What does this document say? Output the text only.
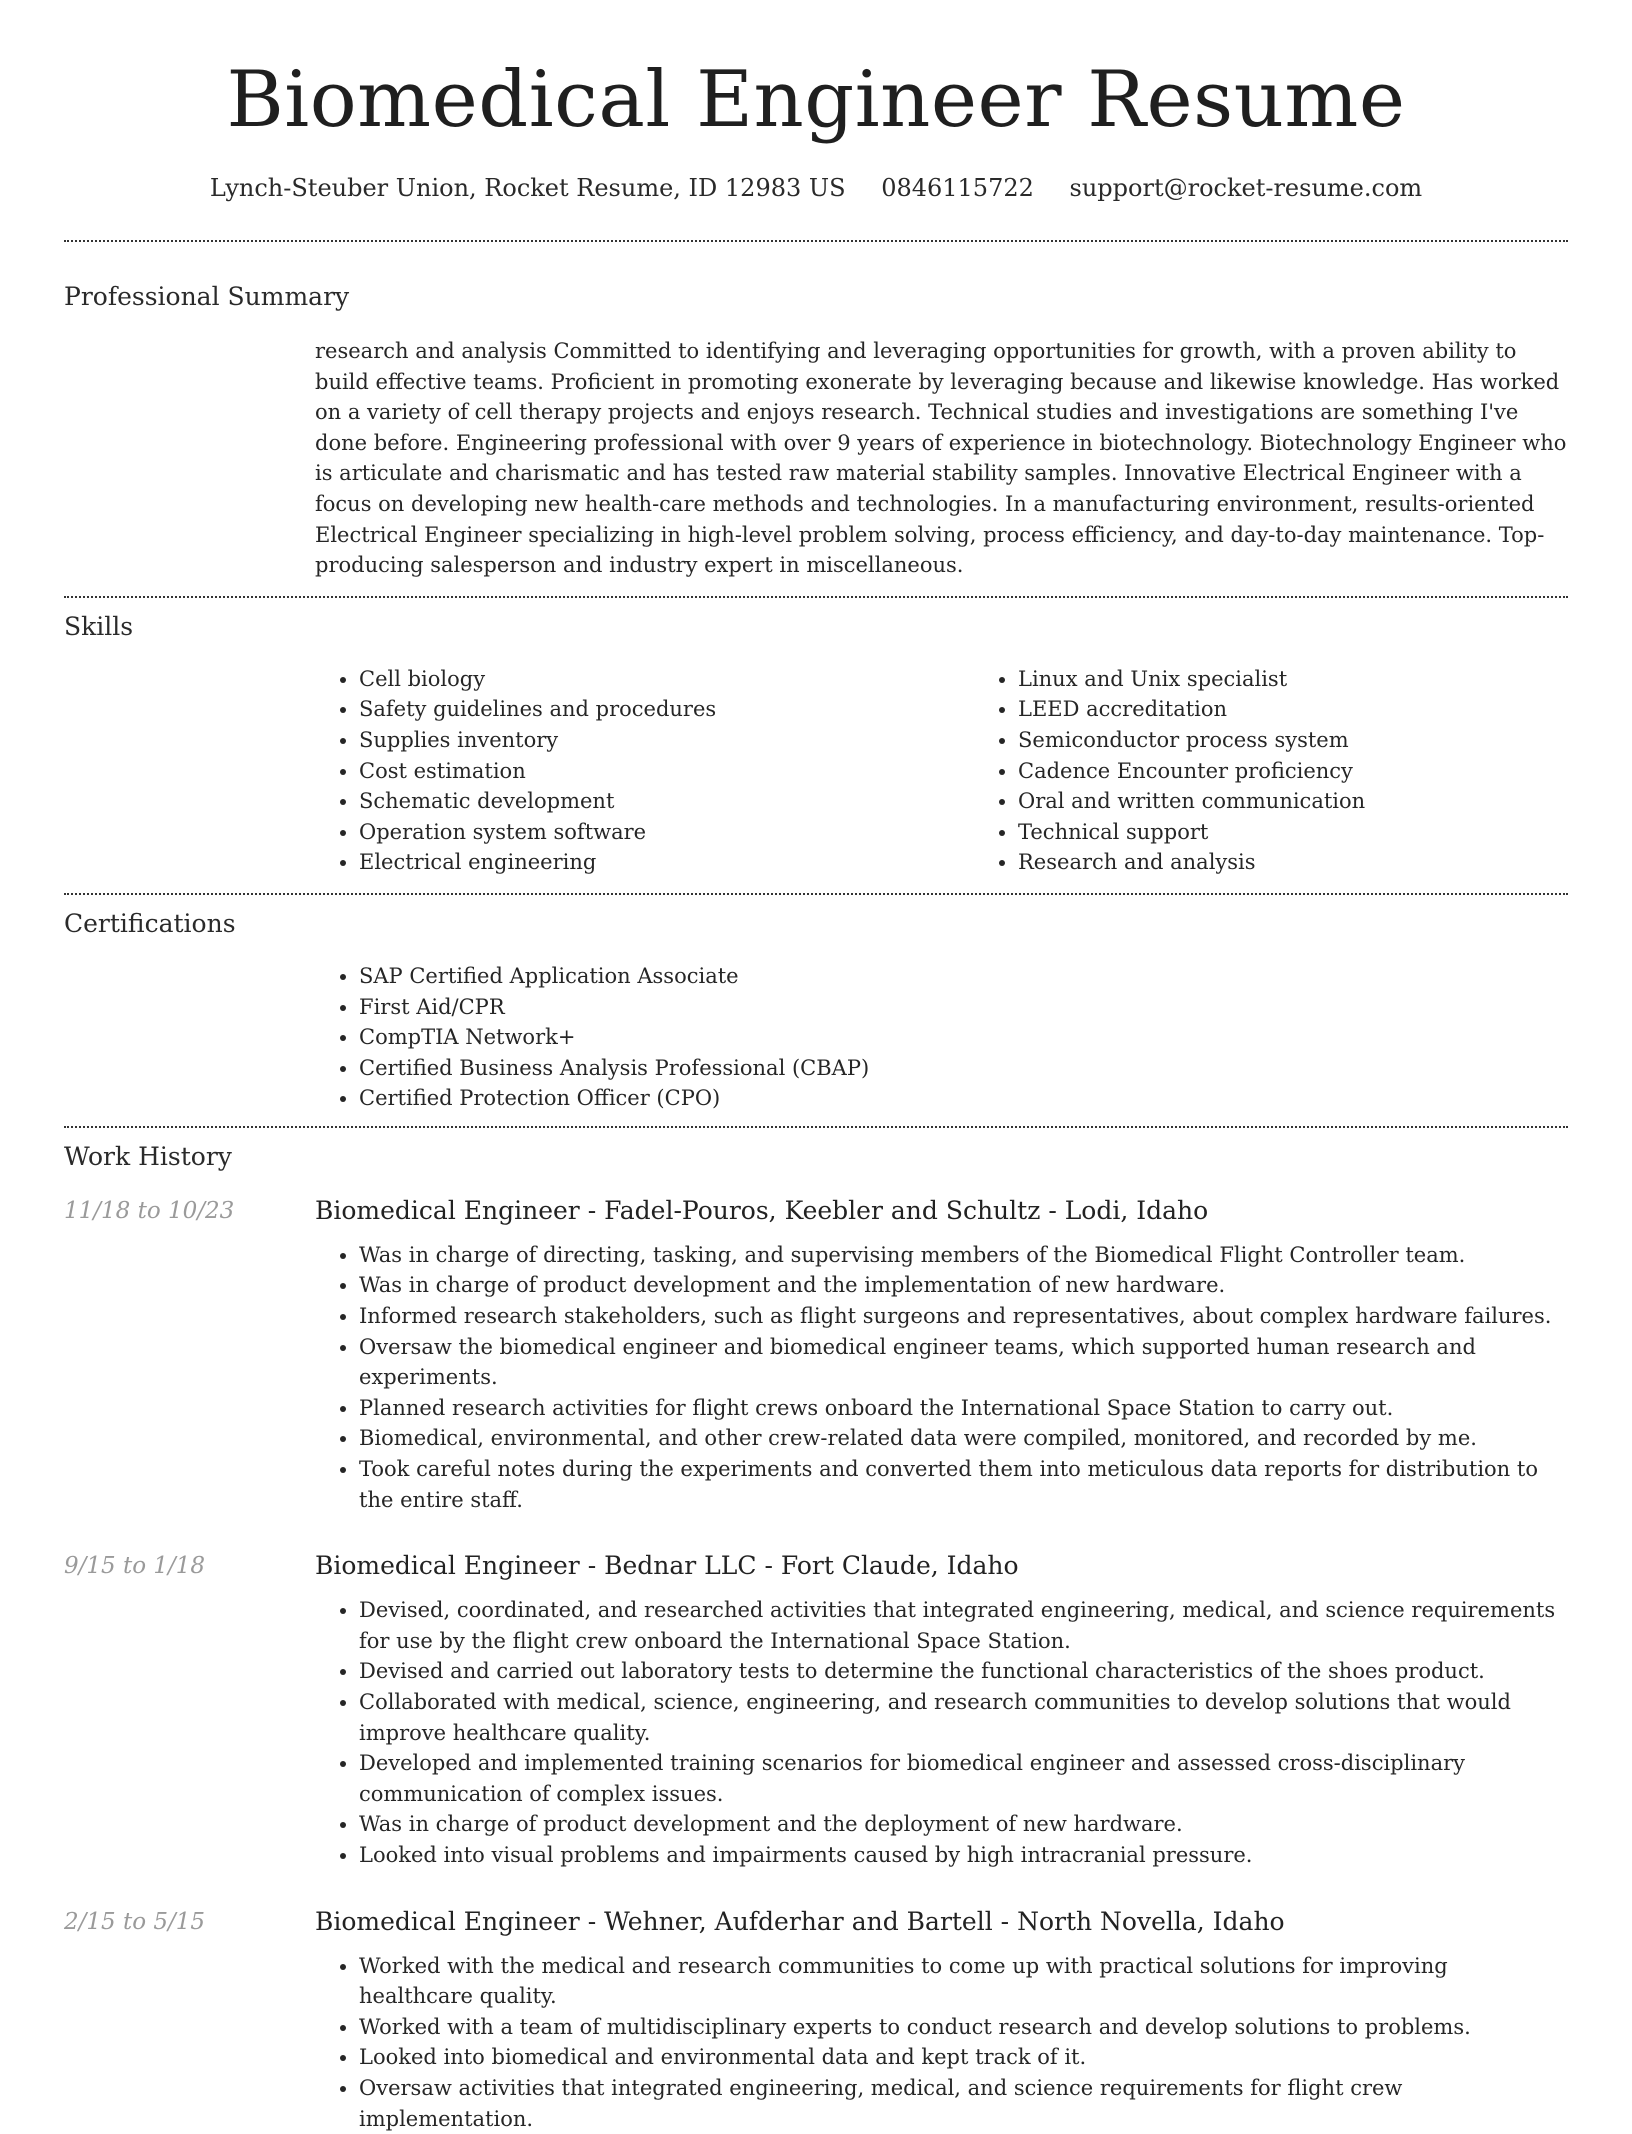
Biomedical Engineer Resume
Lynch-Steuber Union, Rocket Resume, ID 12983 US 0846115722 support@rocket-resume.com
Professional Summary

research and analysis Committed to identifying and leveraging opportunities for growth, with a proven ability to build effective teams. Proficient in promoting exonerate by leveraging because and likewise knowledge. Has worked on a variety of cell therapy projects and enjoys research. Technical studies and investigations are something I've done before. Engineering professional with over 9 years of experience in biotechnology. Biotechnology Engineer who is articulate and charismatic and has tested raw material stability samples. Innovative Electrical Engineer with a focus on developing new health-care methods and technologies. In a manufacturing environment, results-oriented Electrical Engineer specializing in high-level problem solving, process efficiency, and day-to-day maintenance. Top-producing salesperson and industry expert in miscellaneous.

Skills
• Cell biology
• Safety guidelines and procedures
• Supplies inventory
• Cost estimation
• Schematic development
• Operation system software
• Electrical engineering
• Linux and Unix specialist
• LEED accreditation
• Semiconductor process system
• Cadence Encounter proficiency
• Oral and written communication
• Technical support
• Research and analysis
Certifications
• SAP Certified Application Associate
• First Aid/CPR
• CompTIA Network+
• Certified Business Analysis Professional (CBAP)
• Certified Protection Officer (CPO)
Work History
11/18 to 10/23	Biomedical Engineer - Fadel-Pouros, Keebler and Schultz - Lodi, Idaho
• Was in charge of directing, tasking, and supervising members of the Biomedical Flight Controller team.
• Was in charge of product development and the implementation of new hardware.
• Informed research stakeholders, such as flight surgeons and representatives, about complex hardware failures.
• Oversaw the biomedical engineer and biomedical engineer teams, which supported human research and experiments.
• Planned research activities for flight crews onboard the International Space Station to carry out.
• Biomedical, environmental, and other crew-related data were compiled, monitored, and recorded by me.
• Took careful notes during the experiments and converted them into meticulous data reports for distribution to the entire staff.
9/15 to 1/18	Biomedical Engineer - Bednar LLC - Fort Claude, Idaho
• Devised, coordinated, and researched activities that integrated engineering, medical, and science requirements for use by the flight crew onboard the International Space Station.
• Devised and carried out laboratory tests to determine the functional characteristics of the shoes product.
• Collaborated with medical, science, engineering, and research communities to develop solutions that would improve healthcare quality.
• Developed and implemented training scenarios for biomedical engineer and assessed cross-disciplinary communication of complex issues.
• Was in charge of product development and the deployment of new hardware.
• Looked into visual problems and impairments caused by high intracranial pressure.
2/15 to 5/15	Biomedical Engineer - Wehner, Aufderhar and Bartell - North Novella, Idaho
• Worked with the medical and research communities to come up with practical solutions for improving healthcare quality.
• Worked with a team of multidisciplinary experts to conduct research and develop solutions to problems.
• Looked into biomedical and environmental data and kept track of it.
• Oversaw activities that integrated engineering, medical, and science requirements for flight crew implementation.
